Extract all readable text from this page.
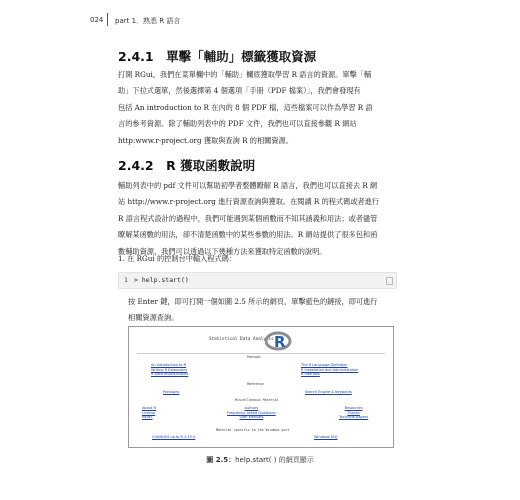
024 part 1．熟悉 R 語言
2.4.1　單擊「輔助」標籤獲取資源
打開 RGui，我們在菜單欄中的「輔助」欄底獲取學習 R 語言的資源。單擊「輔
助」下拉式選單，然後選擇第 4 個選項「手冊（PDF 檔案）」，我們會發現有
包括 An introduction to R 在內的 8 個 PDF 檔，這些檔案可以作為學習 R 語
言的參考資源。除了輔助列表中的 PDF 文件，我們也可以直接參觀 R 網站
http:www.r-project.org 獲取與查詢 R 的相關資源。
2.4.2　R 獲取函數說明
輔助列表中的 pdf 文件可以幫助初學者整體瞭解 R 語言，我們也可以直接去 R 網
站 http://www.r-project.org 進行資源查詢與獲取。在閱讀 R 的程式碼或者進行
R 語言程式設計的過程中，我們可能遇到某個函數而不知其涵義和用法；或者儘管
瞭解某函數的用法，卻不清楚函數中的某些參數的用法。R 網站提供了很多包和函
數輔助資源，我們可以透過以下幾種方法來獲取特定函數的說明。
1. 在 RGui 的控制台中輸入程式碼：
1 > help.start()
按 Enter 鍵，即可打開一個如圖 2.5 所示的網頁，單擊藍色的鏈接，即可進行
相關資源查詢。
Statistical Data Analysis R
Manuals
An Introduction to R
Writing R Extensions
R Data Import/Export
The R Language Definition
R Installation and Administration
R Internals
Reference
Packages	Search Engine & Keywords
Miscellaneous Material
About R
License
NEWS
Authors
Frequently Asked Questions
User Manuals
Resources
Thanks
Technical papers
Material specific to the Windows port
CHANGES up to R 2.15.0	Windows FAQ
圖 2.5：help.start( ) 的網頁顯示
